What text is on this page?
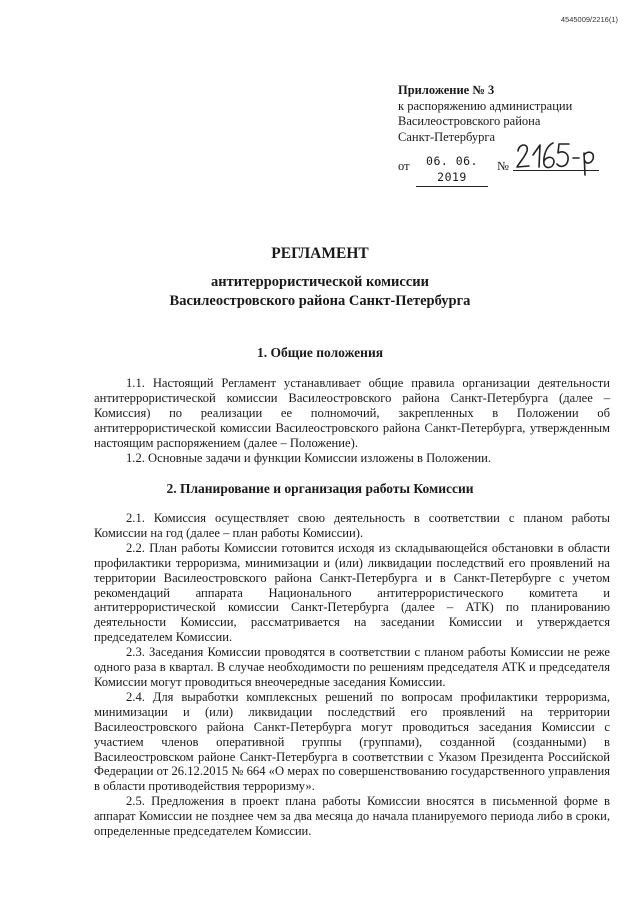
4545009/2216(1)
Приложение № 3
к распоряжению администрации
Василеостровского района
Санкт-Петербурга
от	06. 06. 2019
№
РЕГЛАМЕНТ
антитеррористической комиссии
Василеостровского района Санкт-Петербурга
1. Общие положения

1.1. Настоящий Регламент устанавливает общие правила организации деятельности антитеррористической комиссии Василеостровского района Санкт-Петербурга (далее – Комиссия) по реализации ее полномочий, закрепленных в Положении об антитеррористической комиссии Василеостровского района Санкт-Петербурга, утвержденным настоящим распоряжением (далее – Положение).

1.2. Основные задачи и функции Комиссии изложены в Положении.

2. Планирование и организация работы Комиссии

2.1. Комиссия осуществляет свою деятельность в соответствии с планом работы Комиссии на год (далее – план работы Комиссии).

2.2. План работы Комиссии готовится исходя из складывающейся обстановки в области профилактики терроризма, минимизации и (или) ликвидации последствий его проявлений на территории Василеостровского района Санкт-Петербурга и в Санкт-Петербурге с учетом рекомендаций аппарата Национального антитеррористического комитета и антитеррористической комиссии Санкт-Петербурга (далее – АТК) по планированию деятельности Комиссии, рассматривается на заседании Комиссии и утверждается председателем Комиссии.

2.3. Заседания Комиссии проводятся в соответствии с планом работы Комиссии не реже одного раза в квартал. В случае необходимости по решениям председателя АТК и председателя Комиссии могут проводиться внеочередные заседания Комиссии.

2.4. Для выработки комплексных решений по вопросам профилактики терроризма, минимизации и (или) ликвидации последствий его проявлений на территории Василеостровского района Санкт-Петербурга могут проводиться заседания Комиссии с участием членов оперативной группы (группами), созданной (созданными) в Василеостровском районе Санкт-Петербурга в соответствии с Указом Президента Российской Федерации от 26.12.2015 № 664 «О мерах по совершенствованию государственного управления в области противодействия терроризму».

2.5. Предложения в проект плана работы Комиссии вносятся в письменной форме в аппарат Комиссии не позднее чем за два месяца до начала планируемого периода либо в сроки, определенные председателем Комиссии.
